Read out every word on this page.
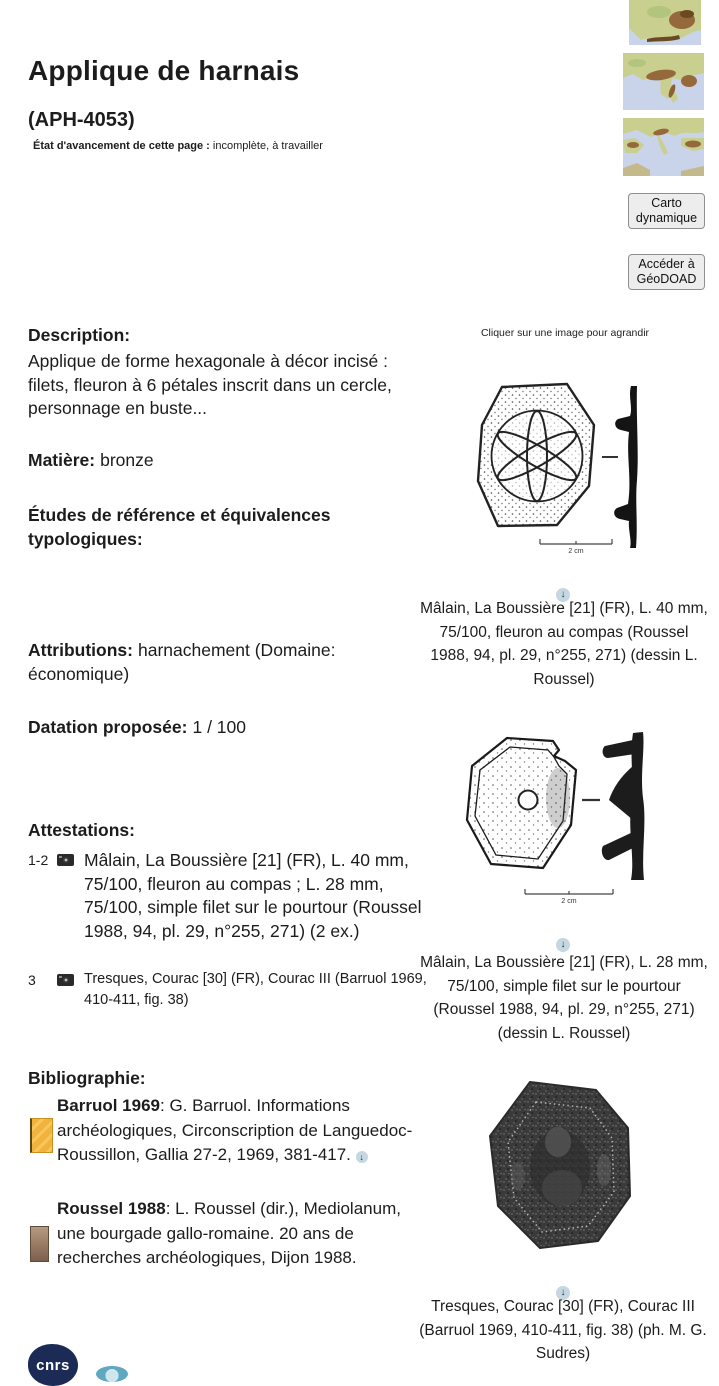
Applique de harnais
(APH-4053)

État d'avancement de cette page : incomplète, à travailler

Carto dynamique
Accéder à GéoDOAD
Description:
Applique de forme hexagonale à décor incisé : filets, fleuron à 6 pétales inscrit dans un cercle, personnage en buste...
Matière: bronze
Études de référence et équivalences typologiques:
Attributions: harnachement (Domaine: économique)
Datation proposée: 1 / 100
Attestations:
1-2	Mâlain, La Boussière [21] (FR), L. 40 mm, 75/100, fleuron au compas ; L. 28 mm, 75/100, simple filet sur le pourtour (Roussel 1988, 94, pl. 29, n°255, 271) (2 ex.)
3	Tresques, Courac [30] (FR), Courac III (Barruol 1969, 410-411, fig. 38)
Bibliographie:
Barruol 1969: G. Barruol. Informations archéologiques, Circonscription de Languedoc-Roussillon, Gallia 27-2, 1969, 381-417. ↓
Roussel 1988: L. Roussel (dir.), Mediolanum, une bourgade gallo-romaine. 20 ans de recherches archéologiques, Dijon 1988.
Cliquer sur une image pour agrandir
2 cm
↓
Mâlain, La Boussière [21] (FR), L. 40 mm, 75/100, fleuron au compas (Roussel 1988, 94, pl. 29, n°255, 271) (dessin L. Roussel)
2 cm
↓
Mâlain, La Boussière [21] (FR), L. 28 mm, 75/100, simple filet sur le pourtour (Roussel 1988, 94, pl. 29, n°255, 271) (dessin L. Roussel)
↓
Tresques, Courac [30] (FR), Courac III (Barruol 1969, 410-411, fig. 38) (ph. M. G. Sudres)
cnrs
